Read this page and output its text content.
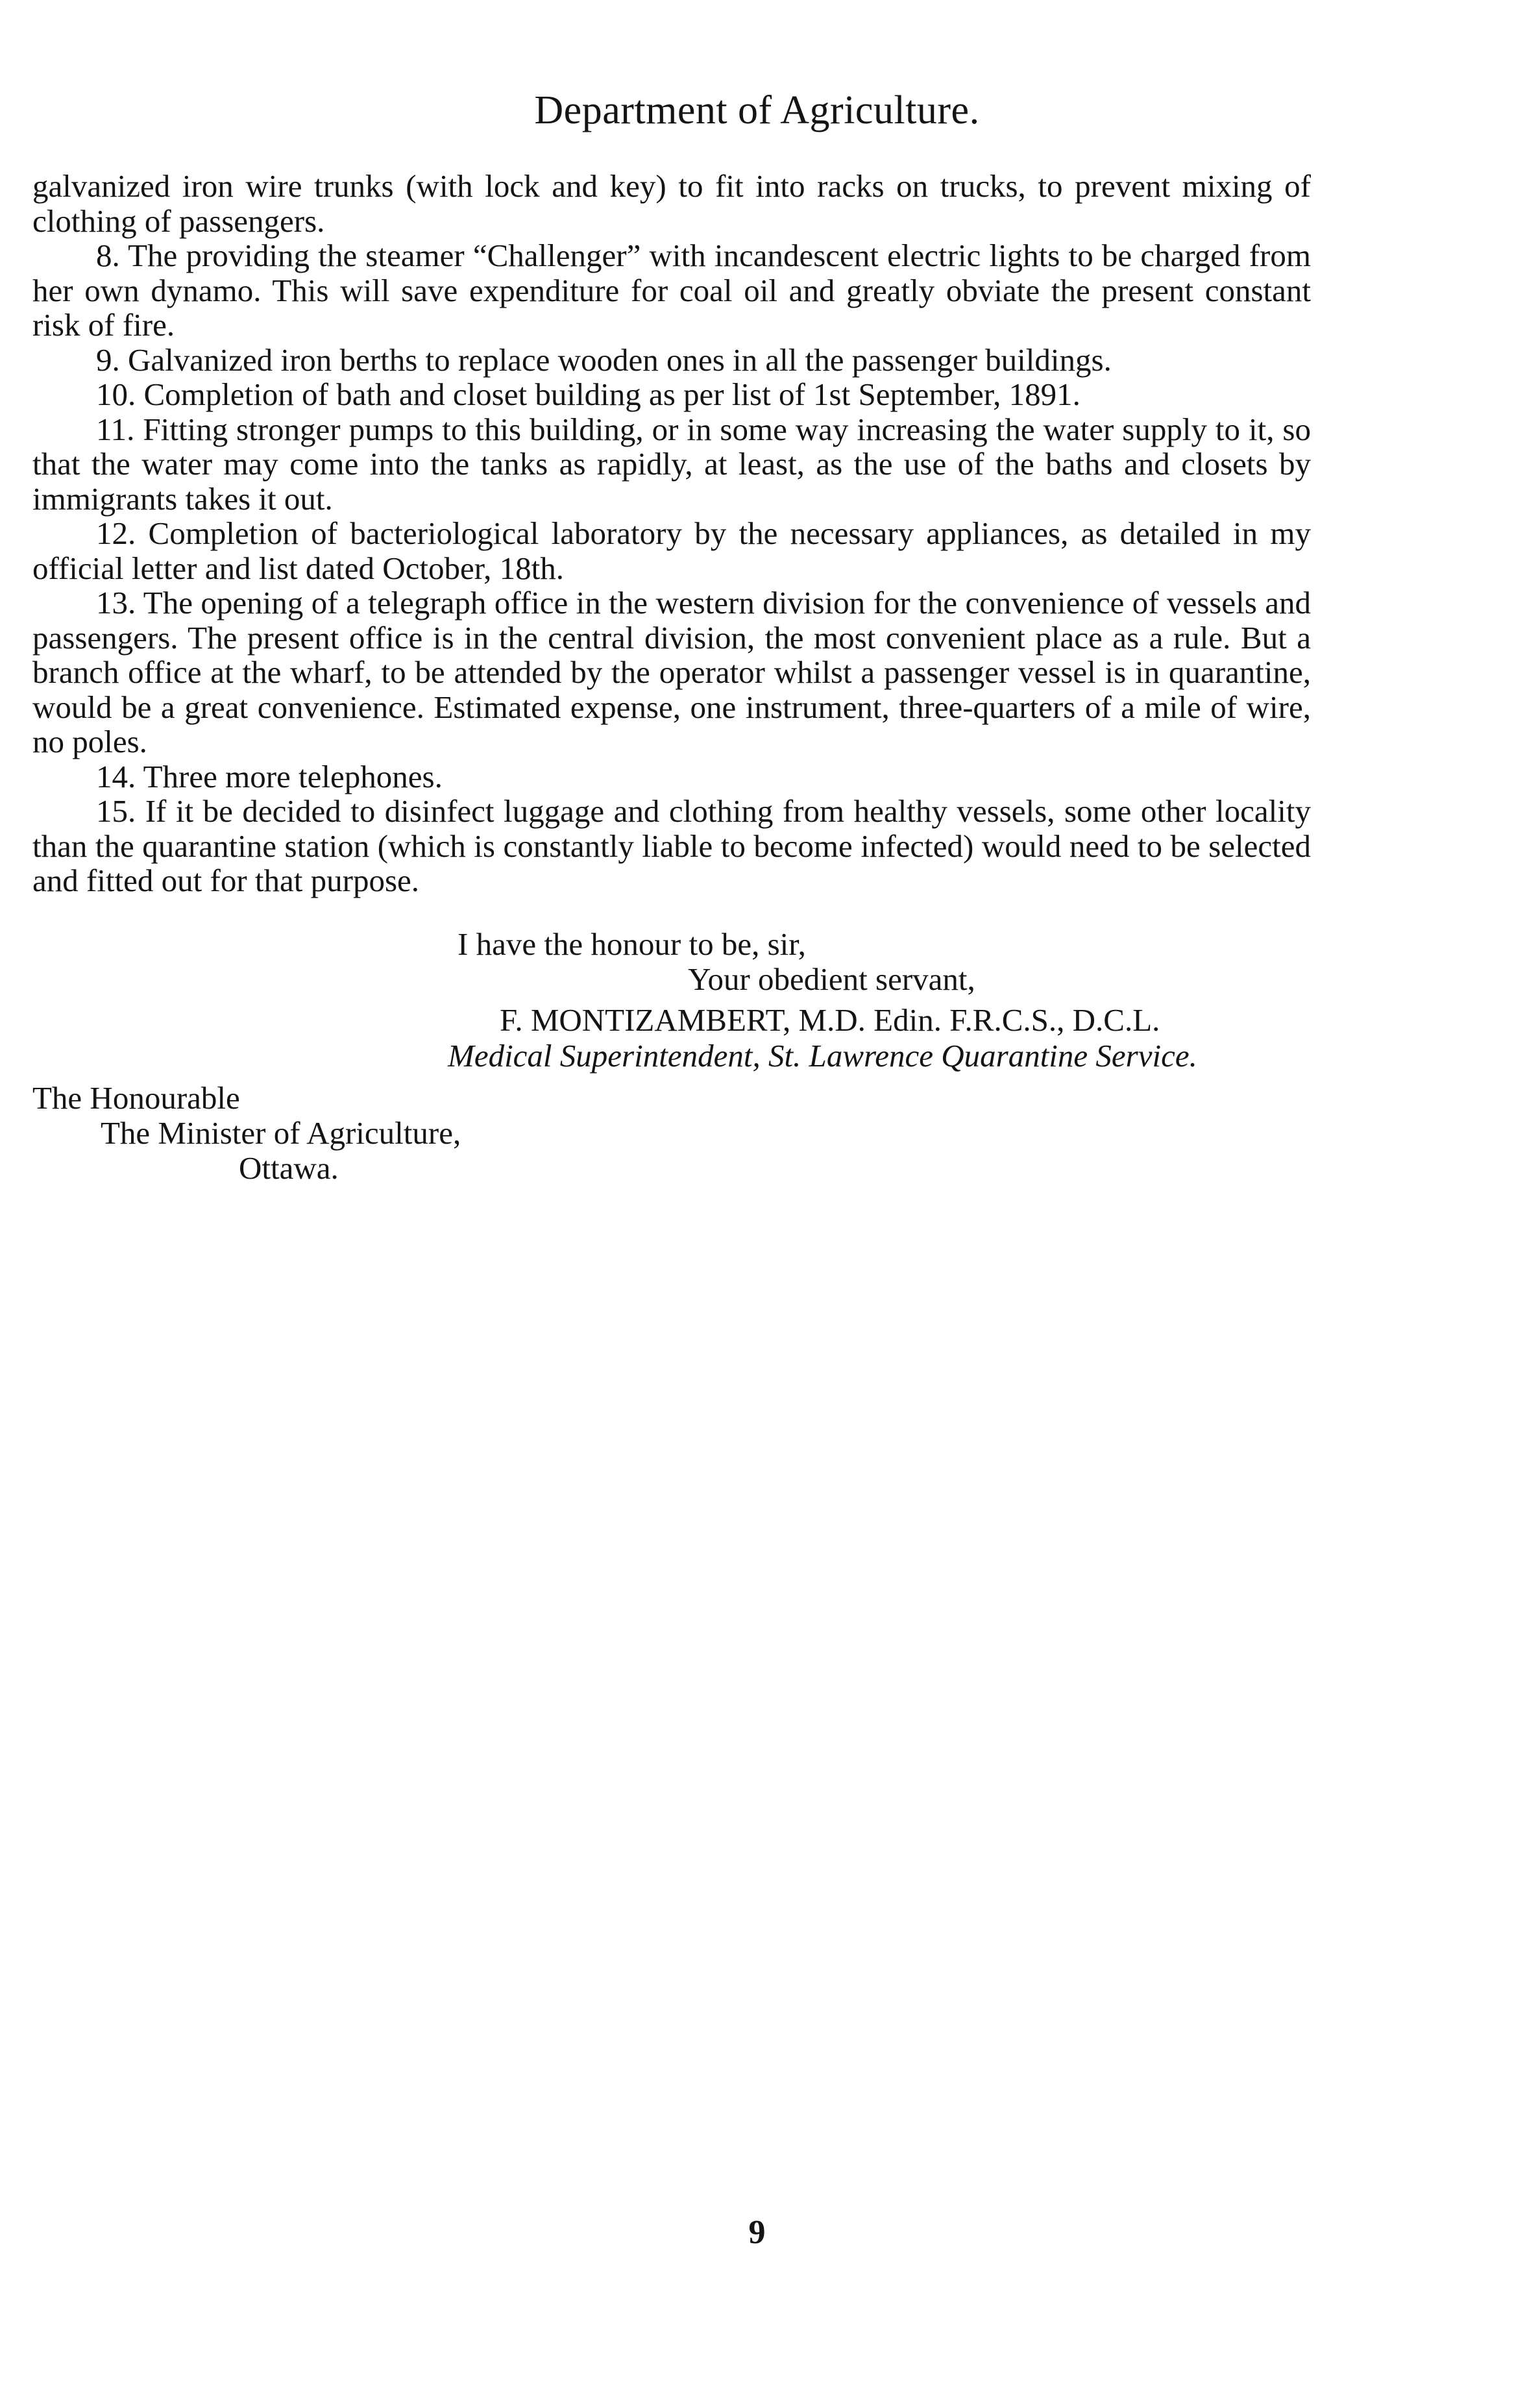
Department of Agriculture.

galvanized iron wire trunks (with lock and key) to fit into racks on trucks, to prevent mixing of clothing of passengers.

8. The providing the steamer “Challenger” with incandescent electric lights to be charged from her own dynamo. This will save expenditure for coal oil and greatly obviate the present constant risk of fire.

9. Galvanized iron berths to replace wooden ones in all the passenger buildings.

10. Completion of bath and closet building as per list of 1st September, 1891.

11. Fitting stronger pumps to this building, or in some way increasing the water supply to it, so that the water may come into the tanks as rapidly, at least, as the use of the baths and closets by immigrants takes it out.

12. Completion of bacteriological laboratory by the necessary appliances, as detailed in my official letter and list dated October, 18th.

13. The opening of a telegraph office in the western division for the convenience of vessels and passengers. The present office is in the central division, the most convenient place as a rule. But a branch office at the wharf, to be attended by the operator whilst a passenger vessel is in quarantine, would be a great convenience. Estimated expense, one instrument, three-quarters of a mile of wire, no poles.

14. Three more telephones.

15. If it be decided to disinfect luggage and clothing from healthy vessels, some other locality than the quarantine station (which is constantly liable to become infected) would need to be selected and fitted out for that purpose.

I have the honour to be, sir,
Your obedient servant,
F. MONTIZAMBERT, M.D. Edin. F.R.C.S., D.C.L.
Medical Superintendent, St. Lawrence Quarantine Service.
The Honourable
The Minister of Agriculture,
Ottawa.
9
